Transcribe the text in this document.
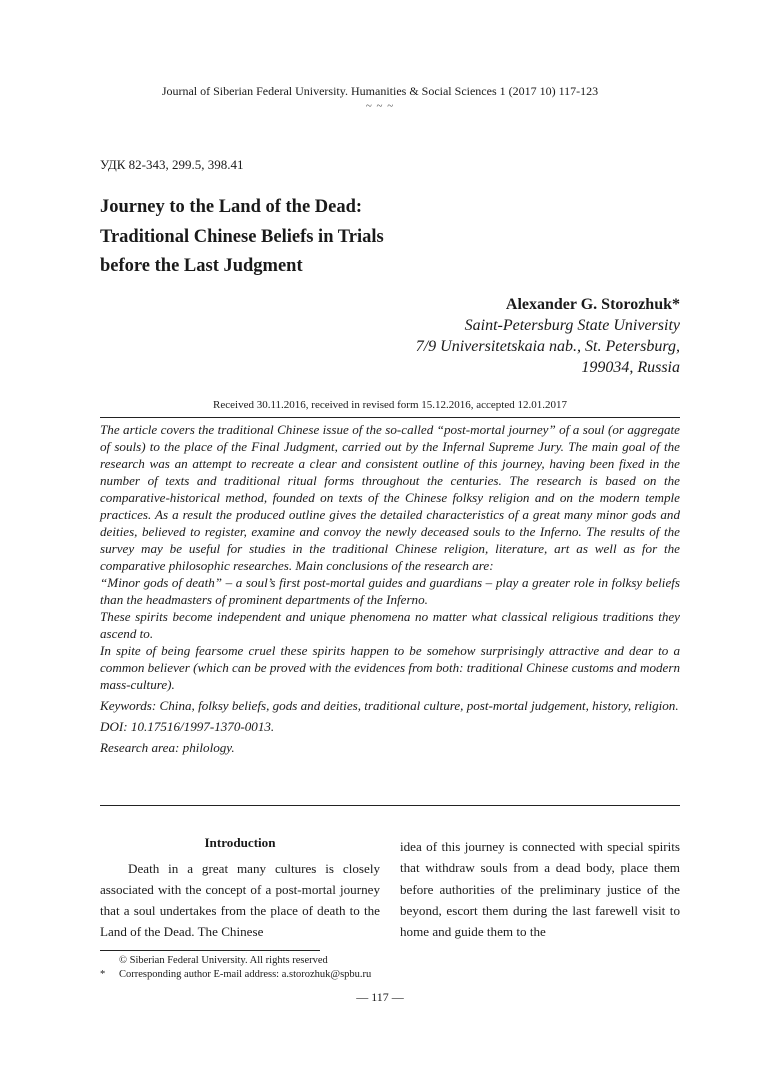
Journal of Siberian Federal University. Humanities & Social Sciences 1 (2017 10) 117-123
~ ~ ~
УДК 82-343, 299.5, 398.41
Journey to the Land of the Dead:
Traditional Chinese Beliefs in Trials
before the Last Judgment
Alexander G. Storozhuk*
Saint-Petersburg State University
7/9 Universitetskaia nab., St. Petersburg,
199034, Russia
Received 30.11.2016, received in revised form 15.12.2016, accepted 12.01.2017

The article covers the traditional Chinese issue of the so-called “post-mortal journey” of a soul (or aggregate of souls) to the place of the Final Judgment, carried out by the Infernal Supreme Jury. The main goal of the research was an attempt to recreate a clear and consistent outline of this journey, having been fixed in the number of texts and traditional ritual forms throughout the centuries. The research is based on the comparative-historical method, founded on texts of the Chinese folksy religion and on the modern temple practices. As a result the produced outline gives the detailed characteristics of a great many minor gods and deities, believed to register, examine and convoy the newly deceased souls to the Inferno. The results of the survey may be useful for studies in the traditional Chinese religion, literature, art as well as for the comparative philosophic researches. Main conclusions of the research are:

“Minor gods of death” – a soul’s first post-mortal guides and guardians – play a greater role in folksy beliefs than the headmasters of prominent departments of the Inferno.

These spirits become independent and unique phenomena no matter what classical religious traditions they ascend to.

In spite of being fearsome cruel these spirits happen to be somehow surprisingly attractive and dear to a common believer (which can be proved with the evidences from both: traditional Chinese customs and modern mass-culture).

Keywords: China, folksy beliefs, gods and deities, traditional culture, post-mortal judgement, history, religion.

DOI: 10.17516/1997-1370-0013.

Research area: philology.

Introduction

Death in a great many cultures is closely associated with the concept of a post-mortal journey that a soul undertakes from the place of death to the Land of the Dead. The Chinese

idea of this journey is connected with special spirits that withdraw souls from a dead body, place them before authorities of the preliminary justice of the beyond, escort them during the last farewell visit to home and guide them to the

© Siberian Federal University. All rights reserved
*	Corresponding author E-mail address: a.storozhuk@spbu.ru
— 117 —
